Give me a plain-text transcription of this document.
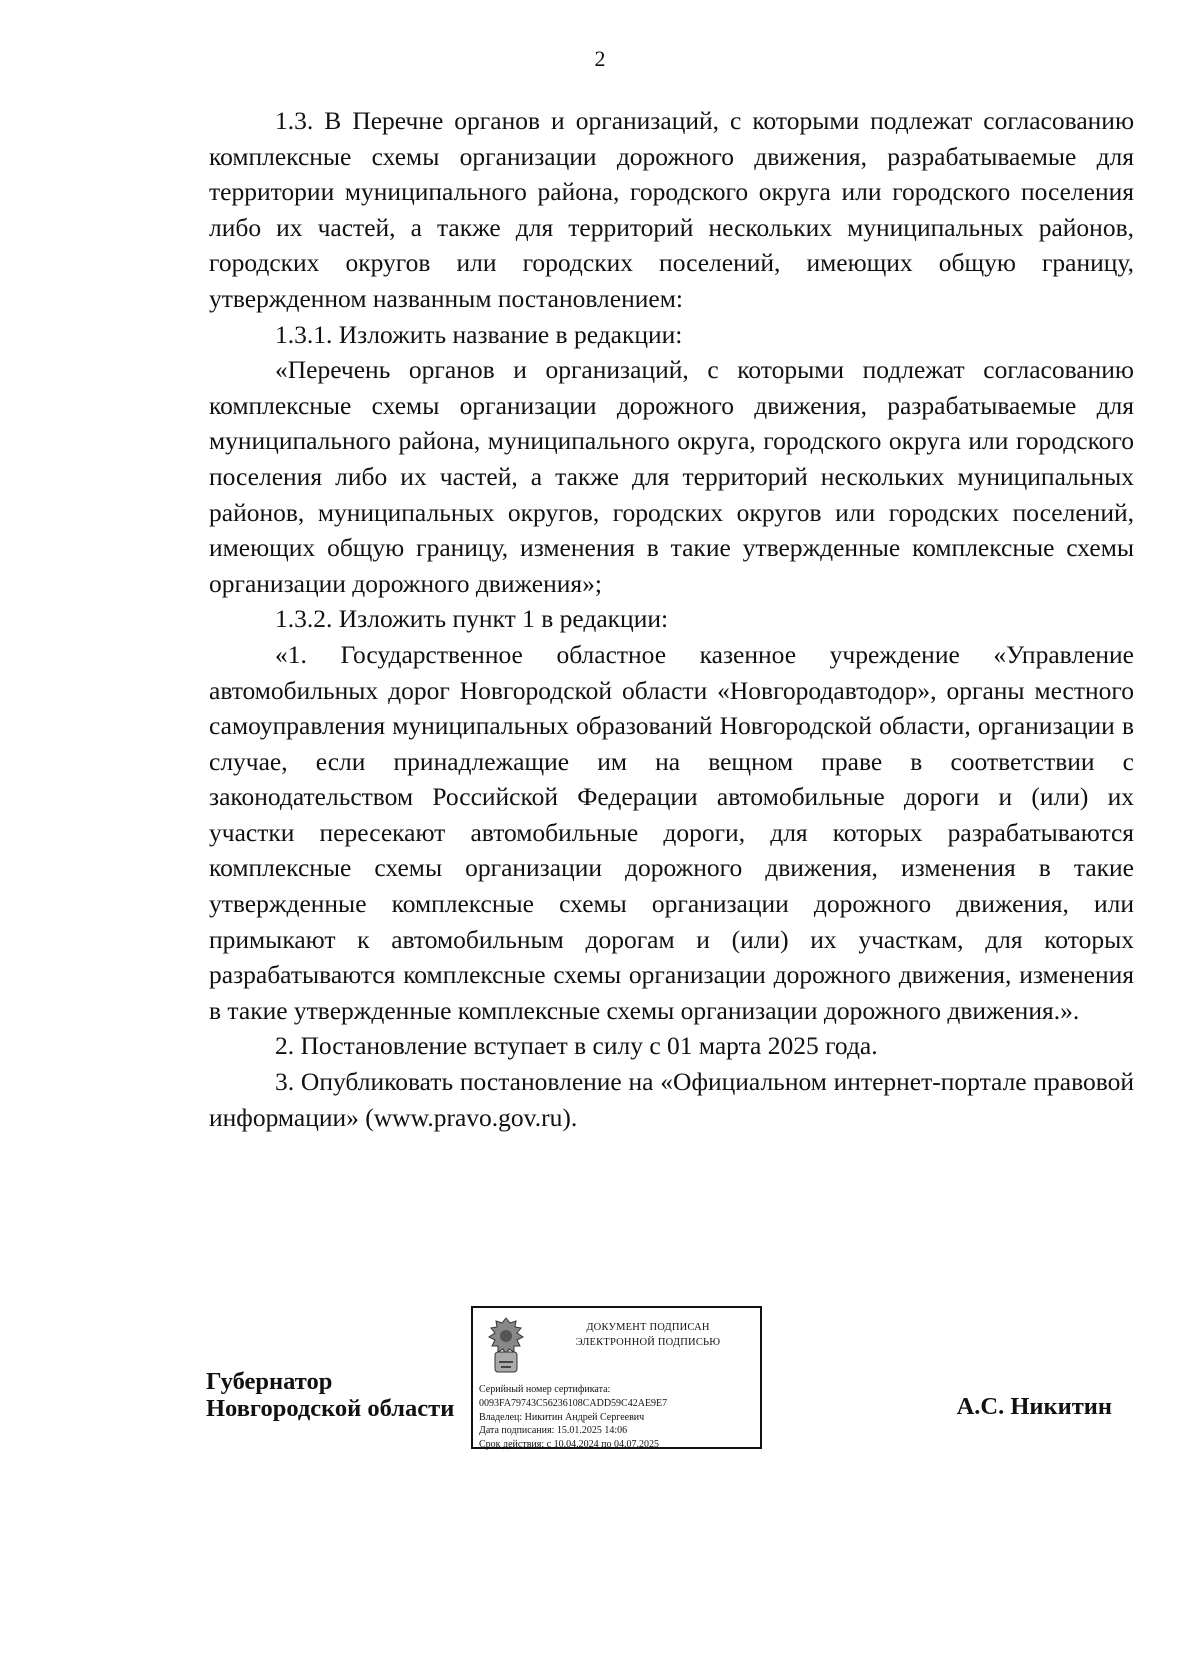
2

1.3. В Перечне органов и организаций, с которыми подлежат согласованию комплексные схемы организации дорожного движения, разрабатываемые для территории муниципального района, городского округа или городского поселения либо их частей, а также для территорий нескольких муниципальных районов, городских округов или городских поселений, имеющих общую границу, утвержденном названным постановлением:

1.3.1. Изложить название в редакции:

«Перечень органов и организаций, с которыми подлежат согласованию комплексные схемы организации дорожного движения, разрабатываемые для муниципального района, муниципального округа, городского округа или городского поселения либо их частей, а также для территорий нескольких муниципальных районов, муниципальных округов, городских округов или городских поселений, имеющих общую границу, изменения в такие утвержденные комплексные схемы организации дорожного движения»;

1.3.2. Изложить пункт 1 в редакции:

«1. Государственное областное казенное учреждение «Управление автомобильных дорог Новгородской области «Новгородавтодор», органы местного самоуправления муниципальных образований Новгородской области, организации в случае, если принадлежащие им на вещном праве в соответствии с законодательством Российской Федерации автомобильные дороги и (или) их участки пересекают автомобильные дороги, для которых разрабатываются комплексные схемы организации дорожного движения, изменения в такие утвержденные комплексные схемы организации дорожного движения, или примыкают к автомобильным дорогам и (или) их участкам, для которых разрабатываются комплексные схемы организации дорожного движения, изменения в такие утвержденные комплексные схемы организации дорожного движения.».

2. Постановление вступает в силу с 01 марта 2025 года.

3. Опубликовать постановление на «Официальном интернет-портале правовой информации» (www.pravo.gov.ru).

Губернатор
Новгородской области
ДОКУМЕНТ ПОДПИСАН
ЭЛЕКТРОННОЙ ПОДПИСЬЮ
Серийный номер сертификата:
0093FA79743C56236108CADD59C42AE9E7
Владелец: Никитин Андрей Сергеевич
Дата подписания: 15.01.2025 14:06
Срок действия: с 10.04.2024 по 04.07.2025
А.С. Никитин
